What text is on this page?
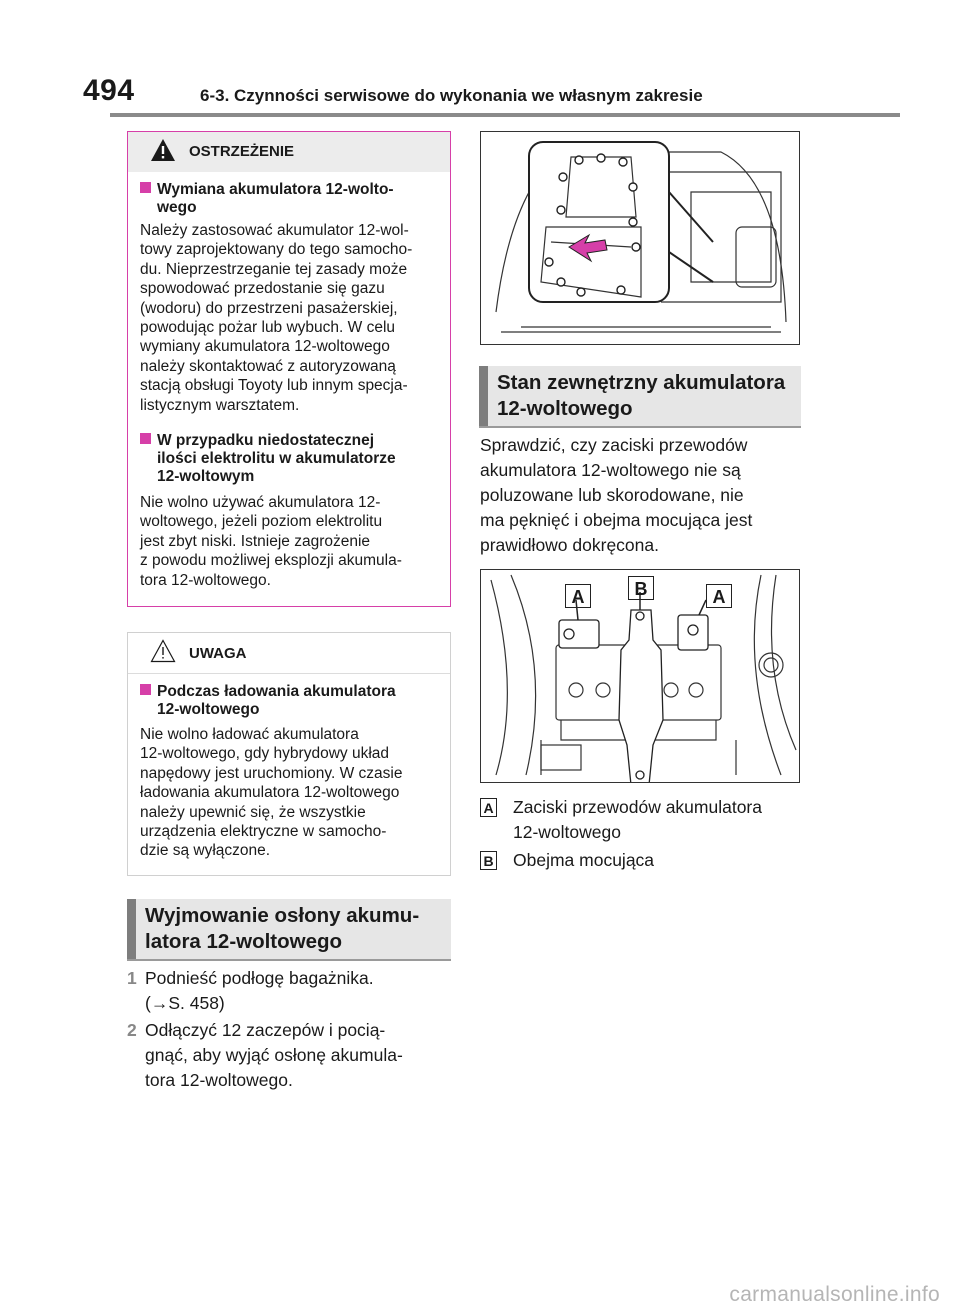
494	6-3. Czynności serwisowe do wykonania we własnym zakresie
OSTRZEŻENIE
Wymiana akumulatora 12-wolto-
wego
Należy zastosować akumulator 12-wol-
towy zaprojektowany do tego samocho-
du. Nieprzestrzeganie tej zasady może
spowodować przedostanie się gazu
(wodoru) do przestrzeni pasażerskiej,
powodując pożar lub wybuch. W celu
wymiany akumulatora 12-woltowego
należy skontaktować z autoryzowaną
stacją obsługi Toyoty lub innym specja-
listycznym warsztatem.
W przypadku niedostatecznej
ilości elektrolitu w akumulatorze
12-woltowym
Nie wolno używać akumulatora 12-
woltowego, jeżeli poziom elektrolitu
jest zbyt niski. Istnieje zagrożenie
z powodu możliwej eksplozji akumula-
tora 12-woltowego.
UWAGA
Podczas ładowania akumulatora
12-woltowego
Nie wolno ładować akumulatora
12-woltowego, gdy hybrydowy układ
napędowy jest uruchomiony. W czasie
ładowania akumulatora 12-woltowego
należy upewnić się, że wszystkie
urządzenia elektryczne w samocho-
dzie są wyłączone.
Wyjmowanie osłony akumu-
latora 12-woltowego
1 Podnieść podłogę bagażnika.
(→S. 458)
2 Odłączyć 12 zaczepów i pocią-
gnąć, aby wyjąć osłonę akumula-
tora 12-woltowego.
Stan zewnętrzny akumulatora
12-woltowego
Sprawdzić, czy zaciski przewodów
akumulatora 12-woltowego nie są
poluzowane lub skorodowane, nie
ma pęknięć i obejma mocująca jest
prawidłowo dokręcona.
A	B	A
A Zaciski przewodów akumulatora
12-woltowego
B Obejma mocująca
carmanualsonline.info
